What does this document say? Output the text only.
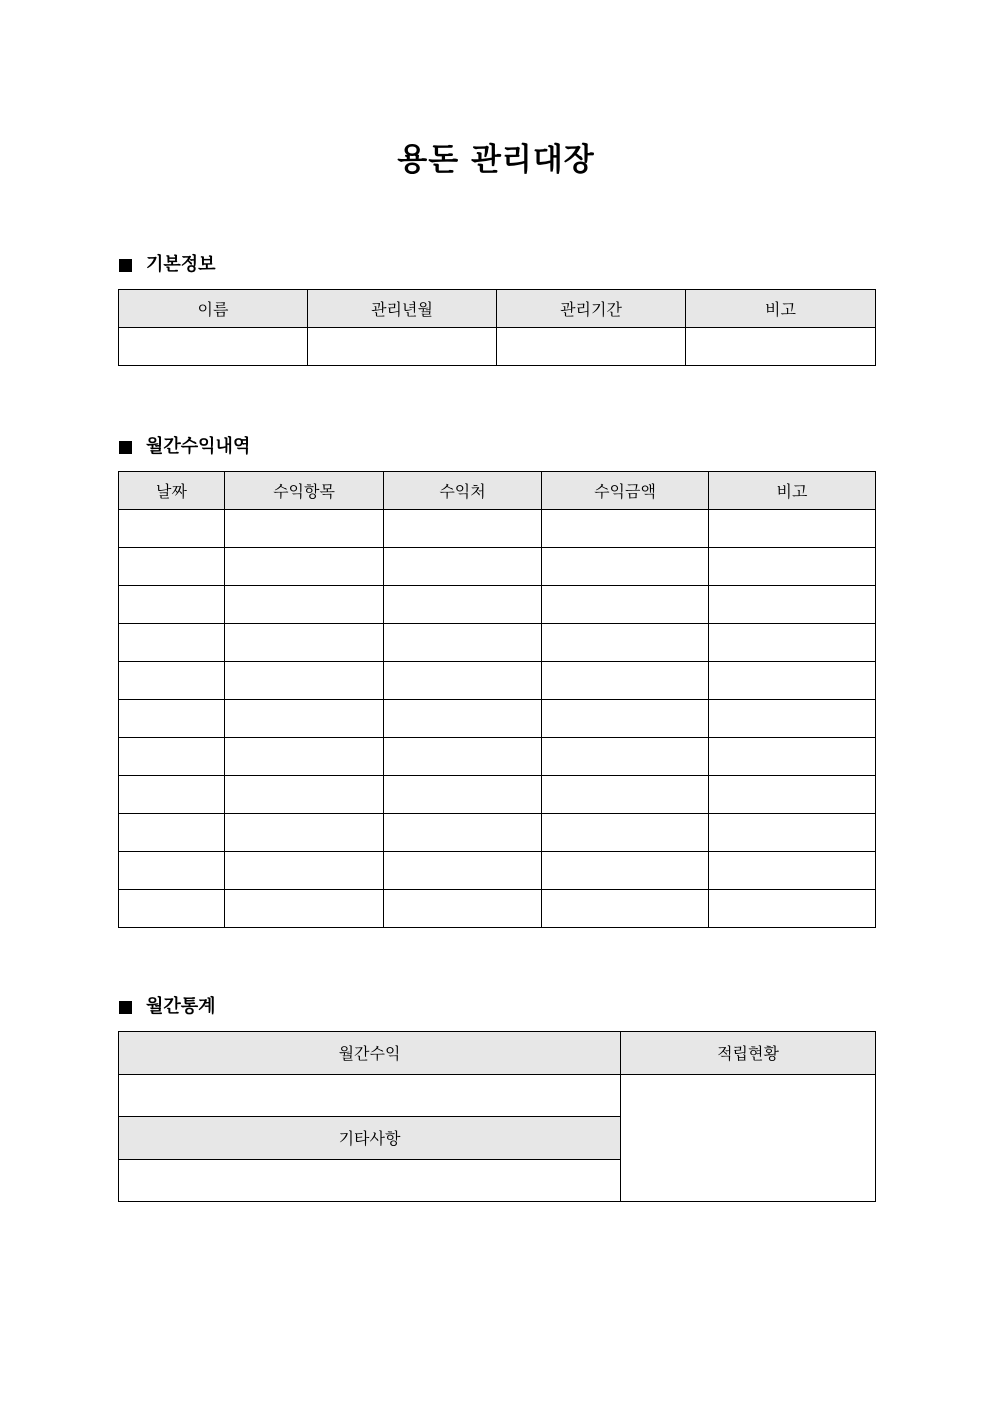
용돈 관리대장
기본정보
이름	관리년월	관리기간	비고

월간수익내역
날짜	수익항목	수익처	수익금액	비고

월간통계
월간수익	적립현황

기타사항	
